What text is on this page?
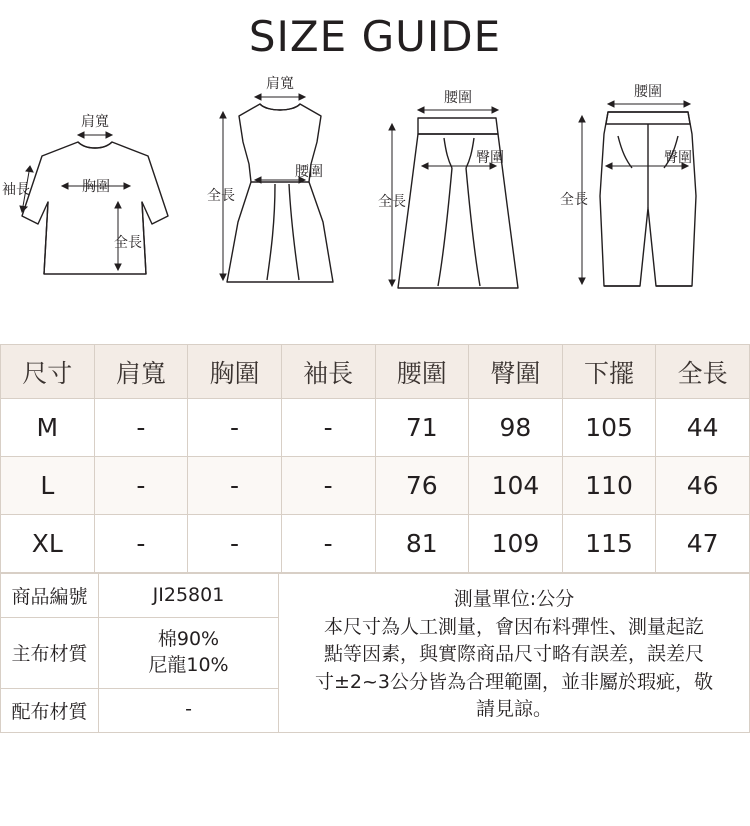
SIZE GUIDE
肩寬
袖長	胸圍
全長
肩寬
腰圍
全長
腰圍
臀圍
全長
腰圍
臀圍
全長
尺寸	肩寬	胸圍	袖長	腰圍	臀圍	下擺	全長
M	-	-	-	71	98	105	44
L	-	-	-	76	104	110	46
XL	-	-	-	81	109	115	47
商品編號	JI25801	測量單位:公分
本尺寸為人工測量，會因布料彈性、測量起訖
點等因素，與實際商品尺寸略有誤差，誤差尺
寸±2~3公分皆為合理範圍，並非屬於瑕疵，敬
請見諒。

主布材質	棉90%
尼龍10%	

配布材質	-	
